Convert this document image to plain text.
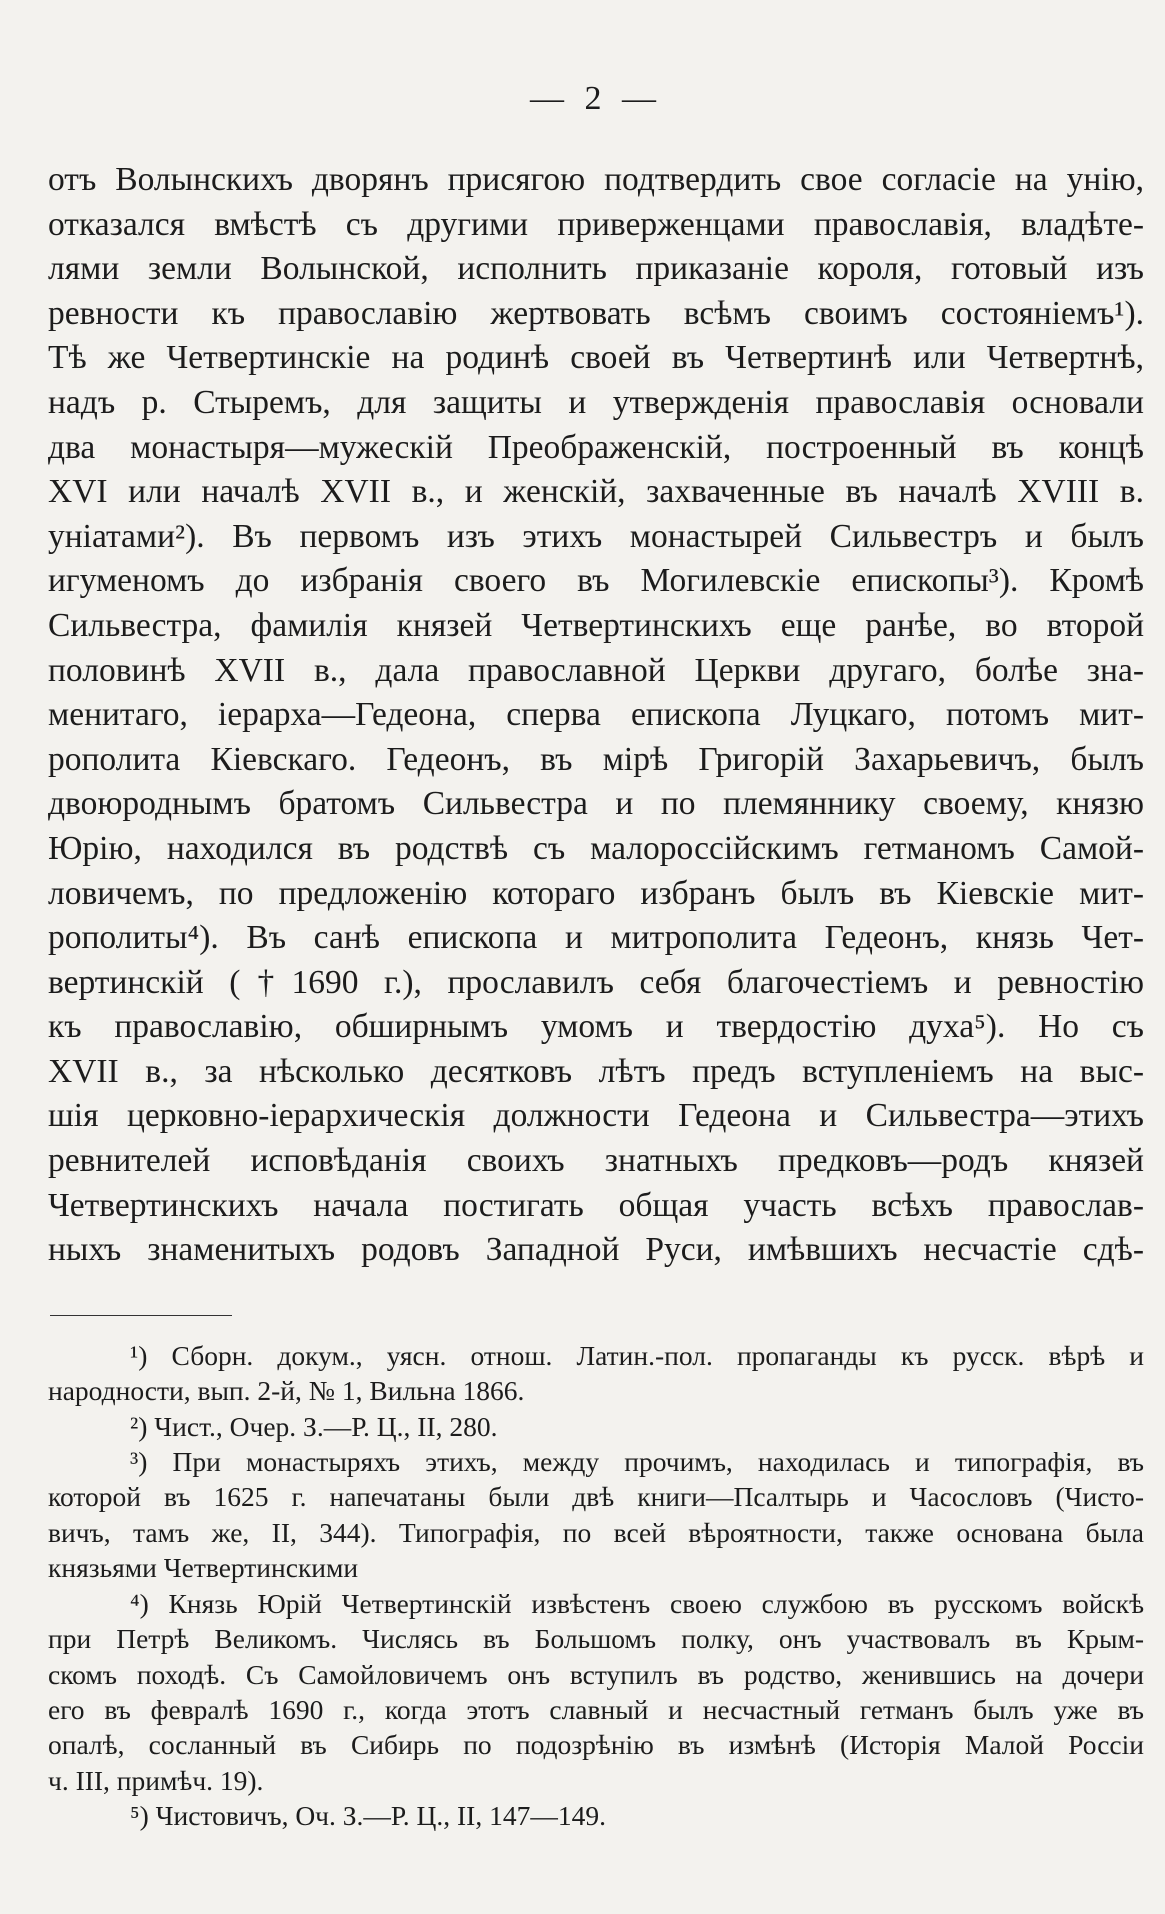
— 2 —
отъ Волынскихъ дворянъ присягою подтвердить свое согласіе на унію,
отказался вмѣстѣ съ другими приверженцами православія, владѣте-
лями земли Волынской, исполнить приказаніе короля, готовый изъ
ревности къ православію жертвовать всѣмъ своимъ состояніемъ¹).
Тѣ же Четвертинскіе на родинѣ своей въ Четвертинѣ или Четвертнѣ,
надъ р. Стыремъ, для защиты и утвержденія православія основали
два монастыря—мужескій Преображенскій, построенный въ концѣ
XVI или началѣ XVII в., и женскій, захваченные въ началѣ XVIII в.
уніатами²). Въ первомъ изъ этихъ монастырей Сильвестръ и былъ
игуменомъ до избранія своего въ Могилевскіе епископы³). Кромѣ
Сильвестра, фамилія князей Четвертинскихъ еще ранѣе, во второй
половинѣ XVII в., дала православной Церкви другаго, болѣе зна-
менитаго, іерарха—Гедеона, сперва епископа Луцкаго, потомъ мит-
рополита Кіевскаго. Гедеонъ, въ мірѣ Григорій Захарьевичъ, былъ
двоюроднымъ братомъ Сильвестра и по племяннику своему, князю
Юрію, находился въ родствѣ съ малороссійскимъ гетманомъ Самой-
ловичемъ, по предложенію котораго избранъ былъ въ Кіевскіе мит-
рополиты⁴). Въ санѣ епископа и митрополита Гедеонъ, князь Чет-
вертинскій (†1690 г.), прославилъ себя благочестіемъ и ревностію
къ православію, обширнымъ умомъ и твердостію духа⁵). Но съ
XVII в., за нѣсколько десятковъ лѣтъ предъ вступленіемъ на выс-
шія церковно-іерархическія должности Гедеона и Сильвестра—этихъ
ревнителей исповѣданія своихъ знатныхъ предковъ—родъ князей
Четвертинскихъ начала постигать общая участь всѣхъ православ-
ныхъ знаменитыхъ родовъ Западной Руси, имѣвшихъ несчастіе сдѣ-
¹) Сборн. докум., уясн. отнош. Латин.-пол. пропаганды къ русск. вѣрѣ и
народности, вып. 2-й, № 1, Вильна 1866.
²) Чист., Очер. З.—Р. Ц., II, 280.
³) При монастыряхъ этихъ, между прочимъ, находилась и типографія, въ
которой въ 1625 г. напечатаны были двѣ книги—Псалтырь и Часословъ (Чисто-
вичъ, тамъ же, II, 344). Типографія, по всей вѣроятности, также основана была
князьями Четвертинскими
⁴) Князь Юрій Четвертинскій извѣстенъ своею службою въ русскомъ войскѣ
при Петрѣ Великомъ. Числясь въ Большомъ полку, онъ участвовалъ въ Крым-
скомъ походѣ. Съ Самойловичемъ онъ вступилъ въ родство, женившись на дочери
его въ февралѣ 1690 г., когда этотъ славный и несчастный гетманъ былъ уже въ
опалѣ, сосланный въ Сибирь по подозрѣнію въ измѣнѣ (Исторія Малой Россіи
ч. III, примѣч. 19).
⁵) Чистовичъ, Оч. З.—Р. Ц., II, 147—149.
